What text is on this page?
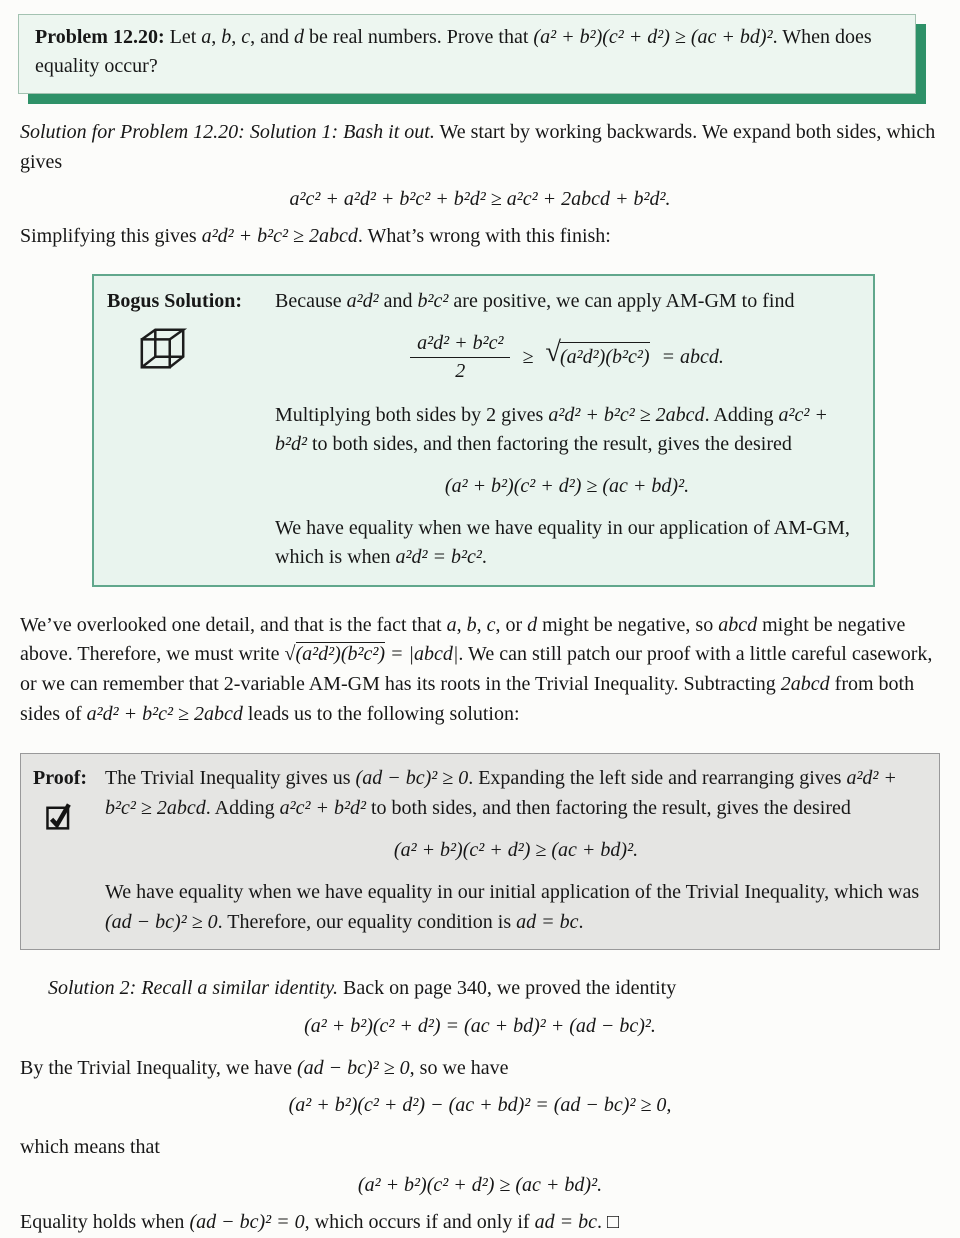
Problem 12.20: Let a, b, c, and d be real numbers. Prove that (a² + b²)(c² + d²) ≥ (ac + bd)². When does equality occur?

Solution for Problem 12.20: Solution 1: Bash it out. We start by working backwards. We expand both sides, which gives

a²c² + a²d² + b²c² + b²d² ≥ a²c² + 2abcd + b²d².

Simplifying this gives a²d² + b²c² ≥ 2abcd. What’s wrong with this finish:

Bogus Solution:	Because a²d² and b²c² are positive, we can apply AM-GM to find

$\frac{\text{a²d² + b²c²}}{2}$ ≥ √ (a²d²)(b²c²) = abcd.

Multiplying both sides by 2 gives a²d² + b²c² ≥ 2abcd. Adding a²c² + b²d² to both sides, and then factoring the result, gives the desired

(a² + b²)(c² + d²) ≥ (ac + bd)².

We have equality when we have equality in our application of AM-GM, which is when a²d² = b²c².

We’ve overlooked one detail, and that is the fact that a, b, c, or d might be negative, so abcd might be negative above. Therefore, we must write √(a²d²)(b²c²) = |abcd|. We can still patch our proof with a little careful casework, or we can remember that 2-variable AM-GM has its roots in the Trivial Inequality. Subtracting 2abcd from both sides of a²d² + b²c² ≥ 2abcd leads us to the following solution:

Proof: The Trivial Inequality gives us (ad − bc)² ≥ 0. Expanding the left side and rearranging gives a²d² + b²c² ≥ 2abcd. Adding a²c² + b²d² to both sides, and then factoring the result, gives the desired

(a² + b²)(c² + d²) ≥ (ac + bd)².

We have equality when we have equality in our initial application of the Trivial Inequality, which was (ad − bc)² ≥ 0. Therefore, our equality condition is ad = bc.

Solution 2: Recall a similar identity. Back on page 340, we proved the identity

(a² + b²)(c² + d²) = (ac + bd)² + (ad − bc)².

By the Trivial Inequality, we have (ad − bc)² ≥ 0, so we have

(a² + b²)(c² + d²) − (ac + bd)² = (ad − bc)² ≥ 0,

which means that

(a² + b²)(c² + d²) ≥ (ac + bd)².

Equality holds when (ad − bc)² = 0, which occurs if and only if ad = bc. □
